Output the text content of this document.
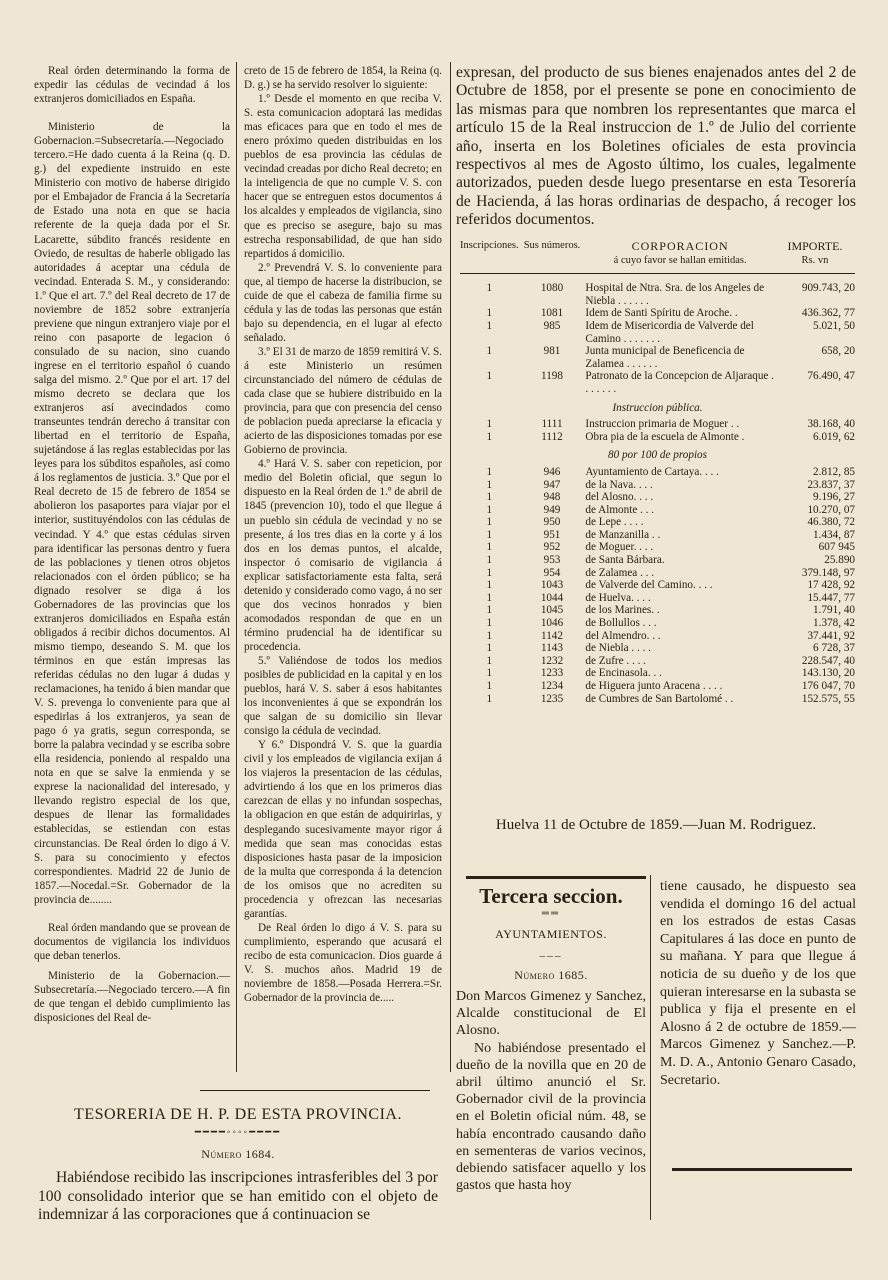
Real órden determinando la forma de expedir las cédulas de vecindad á los extranjeros domiciliados en España.

Ministerio de la Gobernacion.=Subsecretaría.—Negociado tercero.=He dado cuenta á la Reina (q. D. g.) del expediente instruido en este Ministerio con motivo de haberse dirigido por el Embajador de Francia á la Secretaría de Estado una nota en que se hacia referente de la queja dada por el Sr. Lacarette, súbdito francés residente en Oviedo, de resultas de haberle obligado las autoridades á aceptar una cédula de vecindad. Enterada S. M., y considerando: 1.º Que el art. 7.º del Real decreto de 17 de noviembre de 1852 sobre extranjería previene que ningun extranjero viaje por el reino con pasaporte de legacion ó consulado de su nacion, sino cuando ingrese en el territorio español ó cuando salga del mismo. 2.º Que por el art. 17 del mismo decreto se declara que los extranjeros así avecindados como transeuntes tendrán derecho á transitar con libertad en el territorio de España, sujetándose á las reglas establecidas por las leyes para los súbditos españoles, así como á los reglamentos de justicia. 3.º Que por el Real decreto de 15 de febrero de 1854 se abolieron los pasaportes para viajar por el interior, sustituyéndolos con las cédulas de vecindad. Y 4.º que estas cédulas sirven para identificar las personas dentro y fuera de las poblaciones y tienen otros objetos relacionados con el órden público; se ha dignado resolver se diga á los Gobernadores de las provincias que los extranjeros domiciliados en España están obligados á recibir dichos documentos. Al mismo tiempo, deseando S. M. que los términos en que están impresas las referidas cédulas no den lugar á dudas y reclamaciones, ha tenido á bien mandar que V. S. prevenga lo conveniente para que al espedirlas á los extranjeros, ya sean de pago ó ya gratis, segun corresponda, se borre la palabra vecindad y se escriba sobre ella residencia, poniendo al respaldo una nota en que se salve la enmienda y se exprese la nacionalidad del interesado, y llevando registro especial de los que, despues de llenar las formalidades establecidas, se estiendan con estas circunstancias. De Real órden lo digo á V. S. para su conocimiento y efectos correspondientes. Madrid 22 de Junio de 1857.—Nocedal.=Sr. Gobernador de la provincia de........

Real órden mandando que se provean de documentos de vigilancia los individuos que deban tenerlos.

Ministerio de la Gobernacion.—Subsecretaría.—Negociado tercero.—A fin de que tengan el debido cumplimiento las disposiciones del Real de-

creto de 15 de febrero de 1854, la Reina (q. D. g.) se ha servido resolver lo siguiente:

1.º Desde el momento en que reciba V. S. esta comunicacion adoptará las medidas mas eficaces para que en todo el mes de enero próximo queden distribuidas en los pueblos de esa provincia las cédulas de vecindad creadas por dicho Real decreto; en la inteligencia de que no cumple V. S. con hacer que se entreguen estos documentos á los alcaldes y empleados de vigilancia, sino que es preciso se asegure, bajo su mas estrecha responsabilidad, de que han sido repartidos á domicilio.

2.º Prevendrá V. S. lo conveniente para que, al tiempo de hacerse la distribucion, se cuide de que el cabeza de familia firme su cédula y las de todas las personas que están bajo su dependencia, en el lugar al efecto señalado.

3.º El 31 de marzo de 1859 remitirá V. S. á este Ministerio un resúmen circunstanciado del número de cédulas de cada clase que se hubiere distribuido en la provincia, para que con presencia del censo de poblacion pueda apreciarse la eficacia y acierto de las disposiciones tomadas por ese Gobierno de provincia.

4.º Hará V. S. saber con repeticion, por medio del Boletin oficial, que segun lo dispuesto en la Real órden de 1.º de abril de 1845 (prevencion 10), todo el que llegue á un pueblo sin cédula de vecindad y no se presente, á los tres dias en la corte y á los dos en los demas puntos, el alcalde, inspector ó comisario de vigilancia á explicar satisfactoriamente esta falta, será detenido y considerado como vago, á no ser que dos vecinos honrados y bien acomodados respondan de que en un término prudencial ha de identificar su procedencia.

5.º Valiéndose de todos los medios posibles de publicidad en la capital y en los pueblos, hará V. S. saber á esos habitantes los inconvenientes á que se expondrán los que salgan de su domicilio sin llevar consigo la cédula de vecindad.

Y 6.º Dispondrá V. S. que la guardia civil y los empleados de vigilancia exijan á los viajeros la presentacion de las cédulas, advirtiendo á los que en los primeros dias carezcan de ellas y no infundan sospechas, la obligacion en que están de adquirirlas, y desplegando sucesivamente mayor rigor á medida que sean mas conocidas estas disposiciones hasta pasar de la imposicion de la multa que corresponda á la detencion de los omisos que no acrediten su procedencia y ofrezcan las necesarias garantías.

De Real órden lo digo á V. S. para su cumplimiento, esperando que acusará el recibo de esta comunicacion. Dios guarde á V. S. muchos años. Madrid 19 de noviembre de 1858.—Posada Herrera.=Sr. Gobernador de la provincia de.....

TESORERIA DE H. P. DE ESTA PROVINCIA.
━━━━◦◦◦◦━━━━
Número 1684.

Habiéndose recibido las inscripciones intrasferibles del 3 por 100 consolidado interior que se han emitido con el objeto de indemnizar á las corporaciones que á continuacion se

expresan, del producto de sus bienes enajenados antes del 2 de Octubre de 1858, por el presente se pone en conocimiento de las mismas para que nombren los representantes que marca el artículo 15 de la Real instruccion de 1.º de Julio del corriente año, inserta en los Boletines oficiales de esta provincia respectivos al mes de Agosto último, los cuales, legalmente autorizados, pueden desde luego presentarse en esta Tesorería de Hacienda, á las horas ordinarias de despacho, á recoger los referidos documentos.

Inscripciones.	Sus números.	CORPORACION
á cuyo favor se hallan emitidas.	IMPORTE.
Rs. vn

1	1080	Hospital de Ntra. Sra. de los Angeles de Niebla . . . . . .	909.743, 20
1	1081	Idem de Santi Spíritu de Aroche. .	436.362, 77
1	985	Idem de Misericordia de Valverde del Camino . . . . . . .	5.021, 50
1	981	Junta municipal de Beneficencia de Zalamea . . . . . .	658, 20
1	1198	Patronato de la Concepcion de Aljaraque . . . . . . .	76.490, 47
Instruccion pública.			
1	1111	Instruccion primaria de Moguer . .	38.168, 40
1	1112	Obra pia de la escuela de Almonte .	6.019, 62
80 por 100 de propios			
1	946	Ayuntamiento de Cartaya. . . .	2.812, 85
1	947	de la Nava. . . .	23.837, 37
1	948	del Alosno. . . .	9.196, 27
1	949	de Almonte . . .	10.270, 07
1	950	de Lepe . . . .	46.380, 72
1	951	de Manzanilla . .	1.434, 87
1	952	de Moguer. . . .	607 945
1	953	de Santa Bárbara.	25.890
1	954	de Zalamea . . .	379.148, 97
1	1043	de Valverde del Camino. . . .	17 428, 92
1	1044	de Huelva. . . .	15.447, 77
1	1045	de los Marines. .	1.791, 40
1	1046	de Bollullos . . .	1.378, 42
1	1142	del Almendro. . .	37.441, 92
1	1143	de Niebla . . . .	6 728, 37
1	1232	de Zufre . . . .	228.547, 40
1	1233	de Encinasola. . .	143.130, 20
1	1234	de Higuera junto Aracena . . . .	176 047, 70
1	1235	de Cumbres de San Bartolomé . .	152.575, 55
Huelva 11 de Octubre de 1859.—Juan M. Rodriguez.
Tercera seccion.
══
AYUNTAMIENTOS.
───
Número 1685.

Don Marcos Gimenez y Sanchez, Alcalde constitucional de El Alosno.

No habiéndose presentado el dueño de la novilla que en 20 de abril último anunció el Sr. Gobernador civil de la provincia en el Boletin oficial núm. 48, se había encontrado causando daño en sementeras de varios vecinos, debiendo satisfacer aquello y los gastos que hasta hoy

tiene causado, he dispuesto sea vendida el domingo 16 del actual en los estrados de estas Casas Capitulares á las doce en punto de su mañana. Y para que llegue á noticia de su dueño y de los que quieran interesarse en la subasta se publica y fija el presente en el Alosno á 2 de octubre de 1859.—Marcos Gimenez y Sanchez.—P. M. D. A., Antonio Genaro Casado, Secretario.
